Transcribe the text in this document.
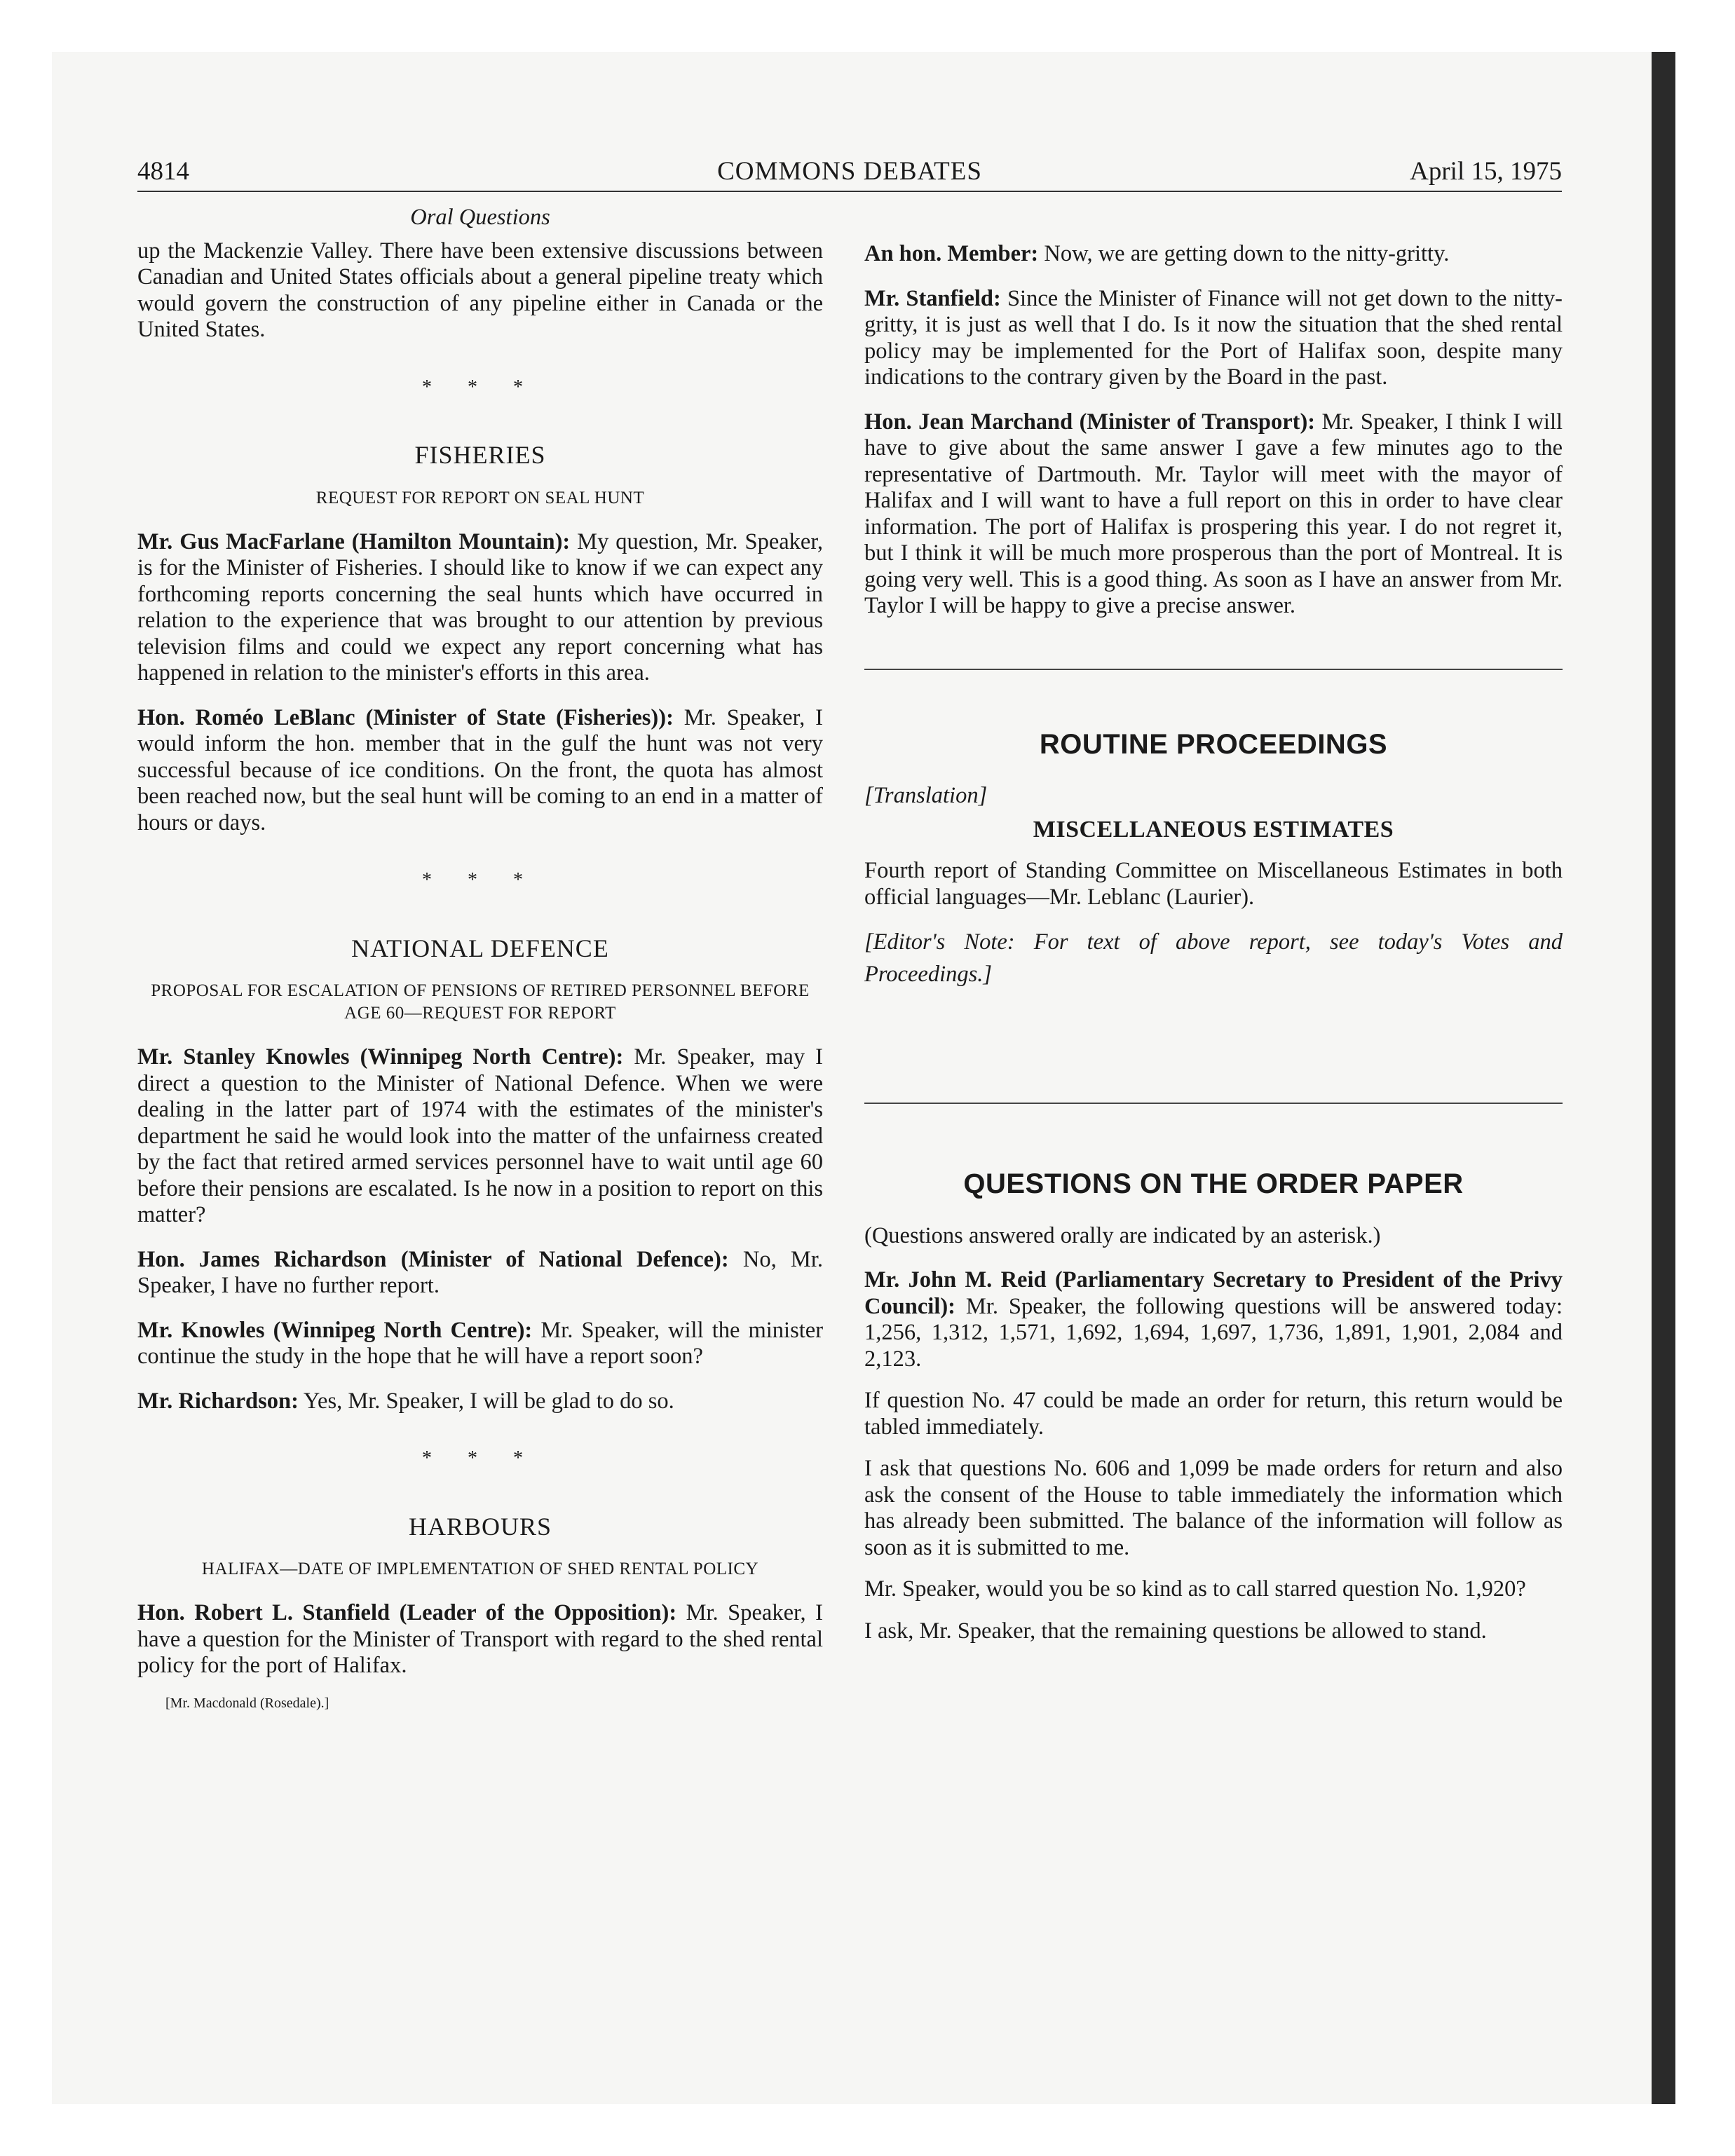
4814	COMMONS DEBATES	April 15, 1975
Oral Questions

up the Mackenzie Valley. There have been extensive discussions between Canadian and United States officials about a general pipeline treaty which would govern the construction of any pipeline either in Canada or the United States.

* * *
FISHERIES
REQUEST FOR REPORT ON SEAL HUNT

Mr. Gus MacFarlane (Hamilton Mountain): My question, Mr. Speaker, is for the Minister of Fisheries. I should like to know if we can expect any forthcoming reports concerning the seal hunts which have occurred in relation to the experience that was brought to our attention by previous television films and could we expect any report concerning what has happened in relation to the minister's efforts in this area.

Hon. Roméo LeBlanc (Minister of State (Fisheries)): Mr. Speaker, I would inform the hon. member that in the gulf the hunt was not very successful because of ice conditions. On the front, the quota has almost been reached now, but the seal hunt will be coming to an end in a matter of hours or days.

* * *
NATIONAL DEFENCE
PROPOSAL FOR ESCALATION OF PENSIONS OF RETIRED PERSONNEL BEFORE AGE 60—REQUEST FOR REPORT

Mr. Stanley Knowles (Winnipeg North Centre): Mr. Speaker, may I direct a question to the Minister of National Defence. When we were dealing in the latter part of 1974 with the estimates of the minister's department he said he would look into the matter of the unfairness created by the fact that retired armed services personnel have to wait until age 60 before their pensions are escalated. Is he now in a position to report on this matter?

Hon. James Richardson (Minister of National Defence): No, Mr. Speaker, I have no further report.

Mr. Knowles (Winnipeg North Centre): Mr. Speaker, will the minister continue the study in the hope that he will have a report soon?

Mr. Richardson: Yes, Mr. Speaker, I will be glad to do so.

* * *
HARBOURS
HALIFAX—DATE OF IMPLEMENTATION OF SHED RENTAL POLICY

Hon. Robert L. Stanfield (Leader of the Opposition): Mr. Speaker, I have a question for the Minister of Transport with regard to the shed rental policy for the port of Halifax.

[Mr. Macdonald (Rosedale).]

An hon. Member: Now, we are getting down to the nitty-gritty.

Mr. Stanfield: Since the Minister of Finance will not get down to the nitty-gritty, it is just as well that I do. Is it now the situation that the shed rental policy may be implemented for the Port of Halifax soon, despite many indications to the contrary given by the Board in the past.

Hon. Jean Marchand (Minister of Transport): Mr. Speaker, I think I will have to give about the same answer I gave a few minutes ago to the representative of Dartmouth. Mr. Taylor will meet with the mayor of Halifax and I will want to have a full report on this in order to have clear information. The port of Halifax is prospering this year. I do not regret it, but I think it will be much more prosperous than the port of Montreal. It is going very well. This is a good thing. As soon as I have an answer from Mr. Taylor I will be happy to give a precise answer.

ROUTINE PROCEEDINGS
[Translation]
MISCELLANEOUS ESTIMATES

Fourth report of Standing Committee on Miscellaneous Estimates in both official languages—Mr. Leblanc (Laurier).

[Editor's Note: For text of above report, see today's Votes and Proceedings.]

QUESTIONS ON THE ORDER PAPER

(Questions answered orally are indicated by an asterisk.)

Mr. John M. Reid (Parliamentary Secretary to President of the Privy Council): Mr. Speaker, the following questions will be answered today: 1,256, 1,312, 1,571, 1,692, 1,694, 1,697, 1,736, 1,891, 1,901, 2,084 and 2,123.

If question No. 47 could be made an order for return, this return would be tabled immediately.

I ask that questions No. 606 and 1,099 be made orders for return and also ask the consent of the House to table immediately the information which has already been submitted. The balance of the information will follow as soon as it is submitted to me.

Mr. Speaker, would you be so kind as to call starred question No. 1,920?

I ask, Mr. Speaker, that the remaining questions be allowed to stand.
